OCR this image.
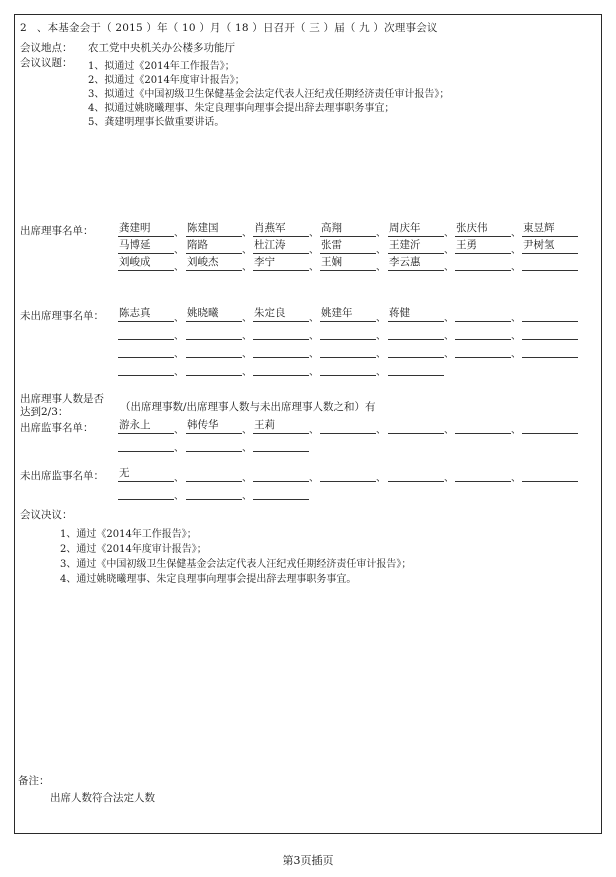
2 、本基金会于（ 2015 ）年（ 10 ）月（ 18 ）日召开（ 三 ）届（ 九 ）次理事会议
会议地点： 农工党中央机关办公楼多功能厅
会议议题： 1、拟通过《2014年工作报告》；
2、拟通过《2014年度审计报告》；
3、拟通过《中国初级卫生保健基金会法定代表人汪纪戎任期经济责任审计报告》；
4、拟通过姚晓曦理事、朱定良理事向理事会提出辞去理事职务事宜；
5、龚建明理事长做重要讲话。
出席理事名单： 龚建明 、 陈建国 、 肖燕军 、 高翔	、 周庆年 、 张庆伟 、 東昱辉
马博延 、 隋路	、 杜江涛 、 张雷	、 王建沂 、 王勇	、 尹树氢
刘峻成 、 刘峻杰 、 李宁	、 王娴	、 李云惠 、	、
未出席理事名单： 陈志真 、 姚晓曦 、 朱定良 、 姚建年 、 蒋健	、	、
、	、	、	、	、	、
、	、	、	、	、	、
、	、	、	、
出席理事人数是否
达到2/3：	（出席理事数/出席理事人数与未出席理事人数之和）有
出席监事名单： 游永上 、 韩传华 、 王莉	、	、	、	、
、	、
未出席监事名单： 无	、	、	、	、	、	、
、	、
会议决议：
1、通过《2014年工作报告》；
2、通过《2014年度审计报告》；
3、通过《中国初级卫生保健基金会法定代表人汪纪戎任期经济责任审计报告》；
4、通过姚晓曦理事、朱定良理事向理事会提出辞去理事职务事宜。
备注：
出席人数符合法定人数
第3页插页
